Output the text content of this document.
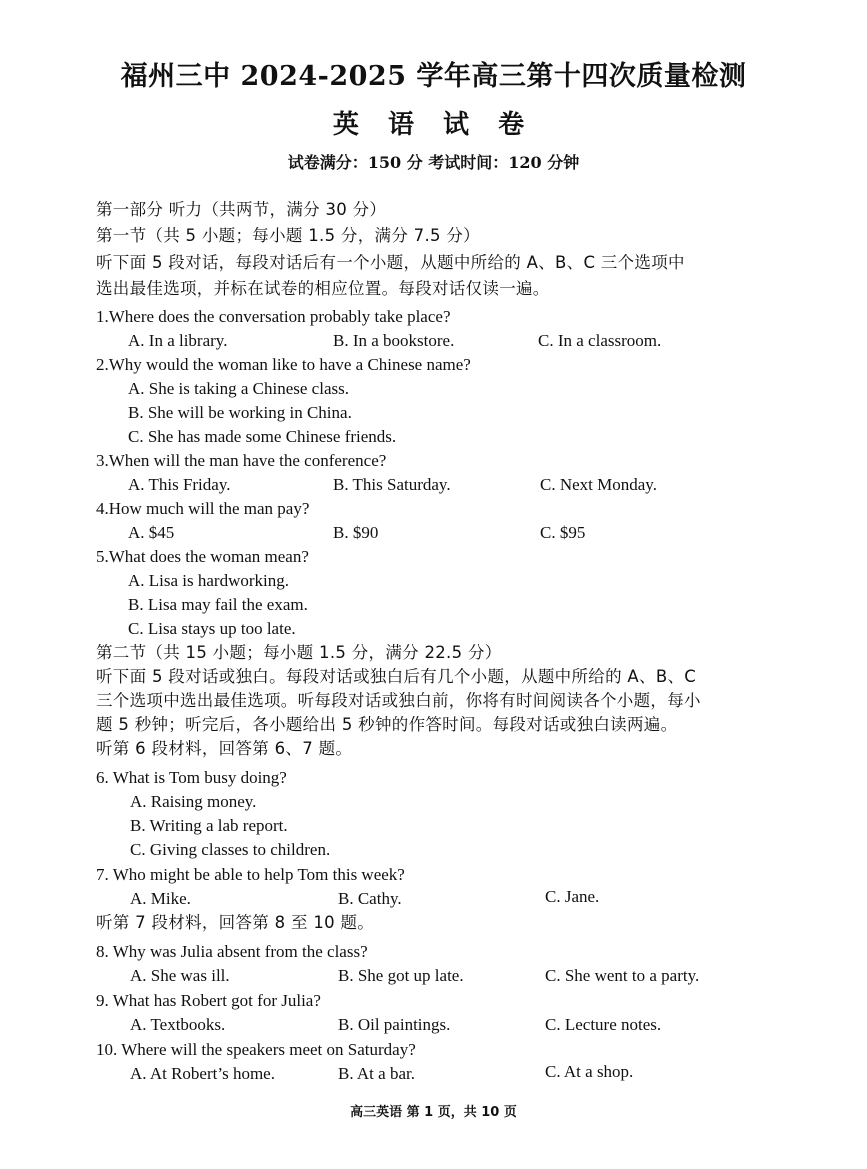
福州三中 2024-2025 学年高三第十四次质量检测
英 语 试 卷
试卷满分：150 分 考试时间：120 分钟
第一部分 听力（共两节，满分 30 分）
第一节（共 5 小题；每小题 1.5 分，满分 7.5 分）
听下面 5 段对话，每段对话后有一个小题，从题中所给的 A、B、C 三个选项中
选出最佳选项，并标在试卷的相应位置。每段对话仅读一遍。
1.Where does the conversation probably take place?
A. In a library.	B. In a bookstore.	C. In a classroom.
2.Why would the woman like to have a Chinese name?
A. She is taking a Chinese class.
B. She will be working in China.
C. She has made some Chinese friends.
3.When will the man have the conference?
A. This Friday.	B. This Saturday.	C. Next Monday.
4.How much will the man pay?
A. $45	B. $90	C. $95
5.What does the woman mean?
A. Lisa is hardworking.
B. Lisa may fail the exam.
C. Lisa stays up too late.
第二节（共 15 小题；每小题 1.5 分，满分 22.5 分）
听下面 5 段对话或独白。每段对话或独白后有几个小题，从题中所给的 A、B、C
三个选项中选出最佳选项。听每段对话或独白前，你将有时间阅读各个小题，每小
题 5 秒钟；听完后，各小题给出 5 秒钟的作答时间。每段对话或独白读两遍。
听第 6 段材料，回答第 6、7 题。
6. What is Tom busy doing?
A. Raising money.
B. Writing a lab report.
C. Giving classes to children.
7. Who might be able to help Tom this week?
A. Mike.	B. Cathy.	C. Jane.
听第 7 段材料，回答第 8 至 10 题。
8. Why was Julia absent from the class?
A. She was ill.	B. She got up late.	C. She went to a party.
9. What has Robert got for Julia?
A. Textbooks.	B. Oil paintings.	C. Lecture notes.
10. Where will the speakers meet on Saturday?
A. At Robert’s home.	B. At a bar.	C. At a shop.
高三英语 第 1 页，共 10 页
